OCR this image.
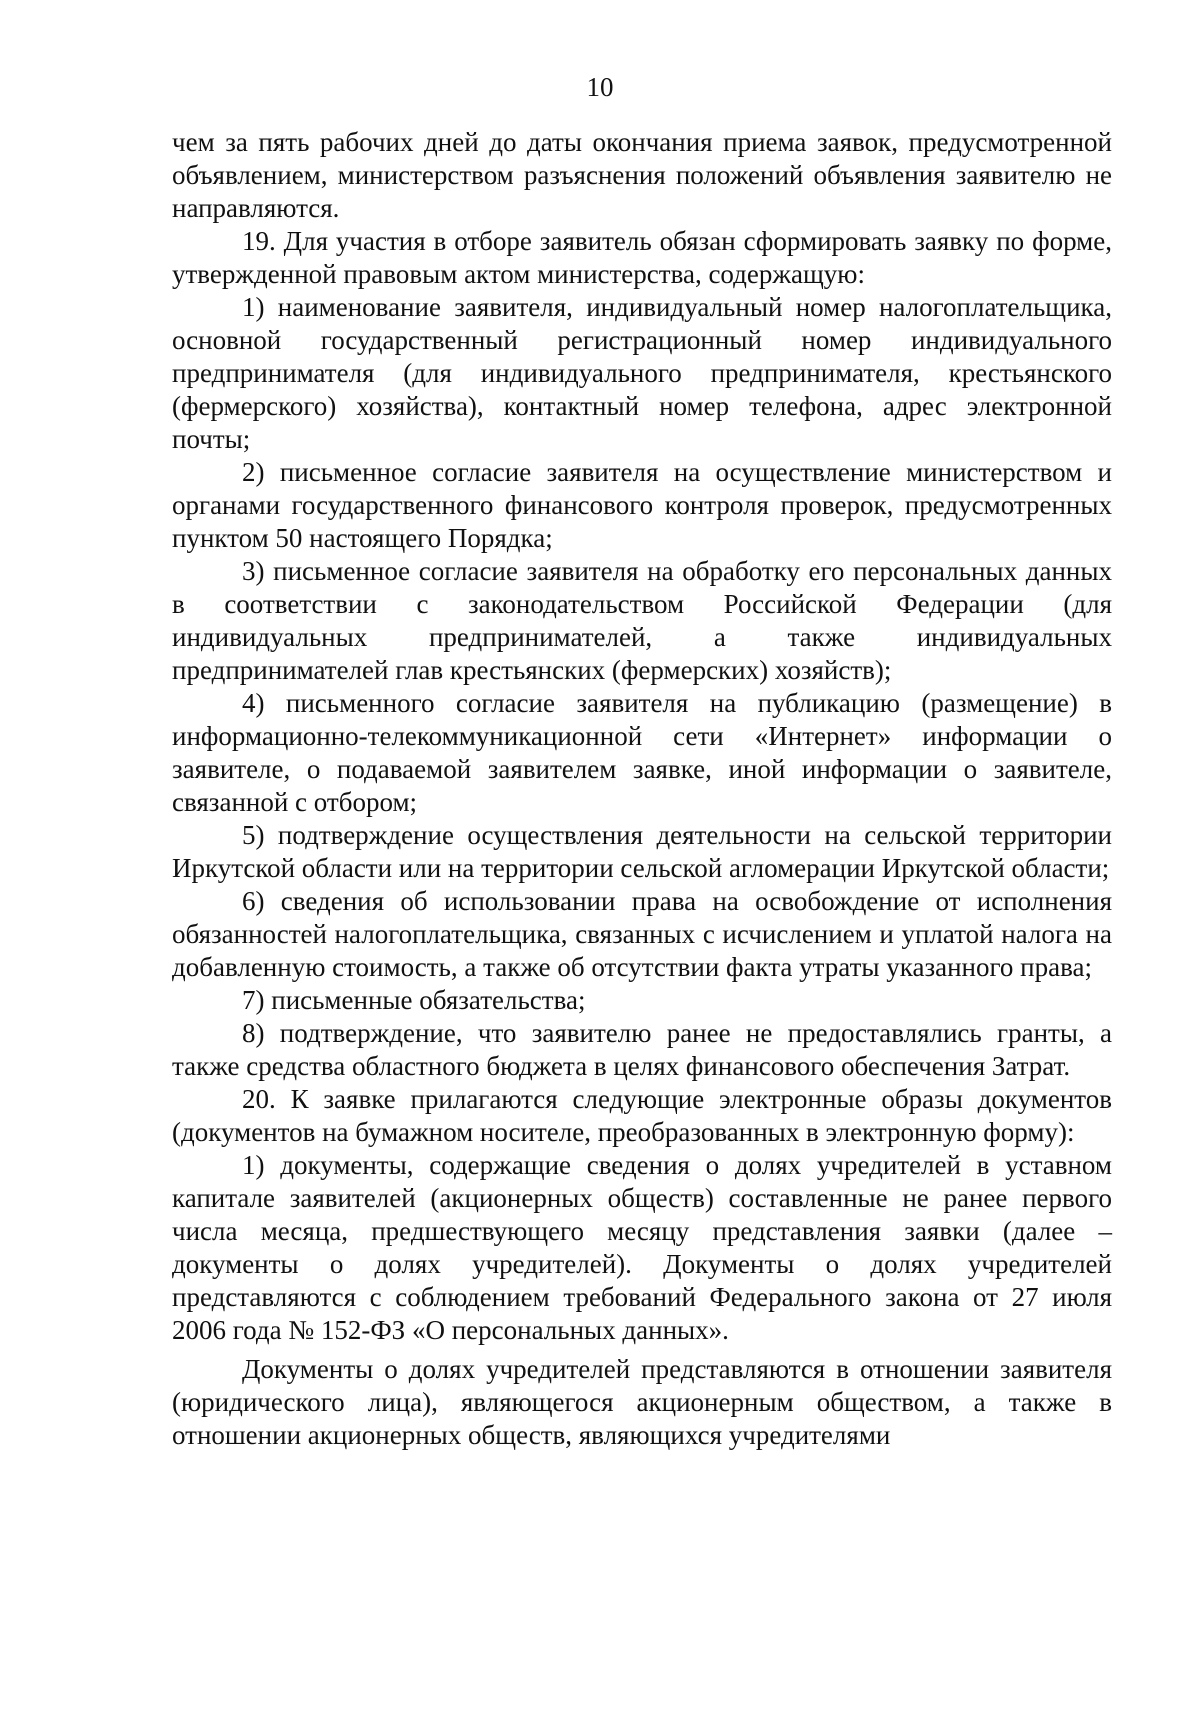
10

чем за пять рабочих дней до даты окончания приема заявок, предусмотренной объявлением, министерством разъяснения положений объявления заявителю не направляются.

19. Для участия в отборе заявитель обязан сформировать заявку по форме, утвержденной правовым актом министерства, содержащую:

1) наименование заявителя, индивидуальный номер налогоплательщика, основной государственный регистрационный номер индивидуального предпринимателя (для индивидуального предпринимателя, крестьянского (фермерского) хозяйства), контактный номер телефона, адрес электронной почты;

2) письменное согласие заявителя на осуществление министерством и органами государственного финансового контроля проверок, предусмотренных пунктом 50 настоящего Порядка;

3) письменное согласие заявителя на обработку его персональных данных в соответствии с законодательством Российской Федерации (для индивидуальных предпринимателей, а также индивидуальных предпринимателей глав крестьянских (фермерских) хозяйств);

4) письменного согласие заявителя на публикацию (размещение) в информационно-телекоммуникационной сети «Интернет» информации о заявителе, о подаваемой заявителем заявке, иной информации о заявителе, связанной с отбором;

5) подтверждение осуществления деятельности на сельской территории Иркутской области или на территории сельской агломерации Иркутской области;

6) сведения об использовании права на освобождение от исполнения обязанностей налогоплательщика, связанных с исчислением и уплатой налога на добавленную стоимость, а также об отсутствии факта утраты указанного права;

7) письменные обязательства;

8) подтверждение, что заявителю ранее не предоставлялись гранты, а также средства областного бюджета в целях финансового обеспечения Затрат.

20. К заявке прилагаются следующие электронные образы документов (документов на бумажном носителе, преобразованных в электронную форму):

1) документы, содержащие сведения о долях учредителей в уставном капитале заявителей (акционерных обществ) составленные не ранее первого числа месяца, предшествующего месяцу представления заявки (далее – документы о долях учредителей). Документы о долях учредителей представляются с соблюдением требований Федерального закона от 27 июля 2006 года № 152-ФЗ «О персональных данных».

Документы о долях учредителей представляются в отношении заявителя (юридического лица), являющегося акционерным обществом, а также в отношении акционерных обществ, являющихся учредителями
